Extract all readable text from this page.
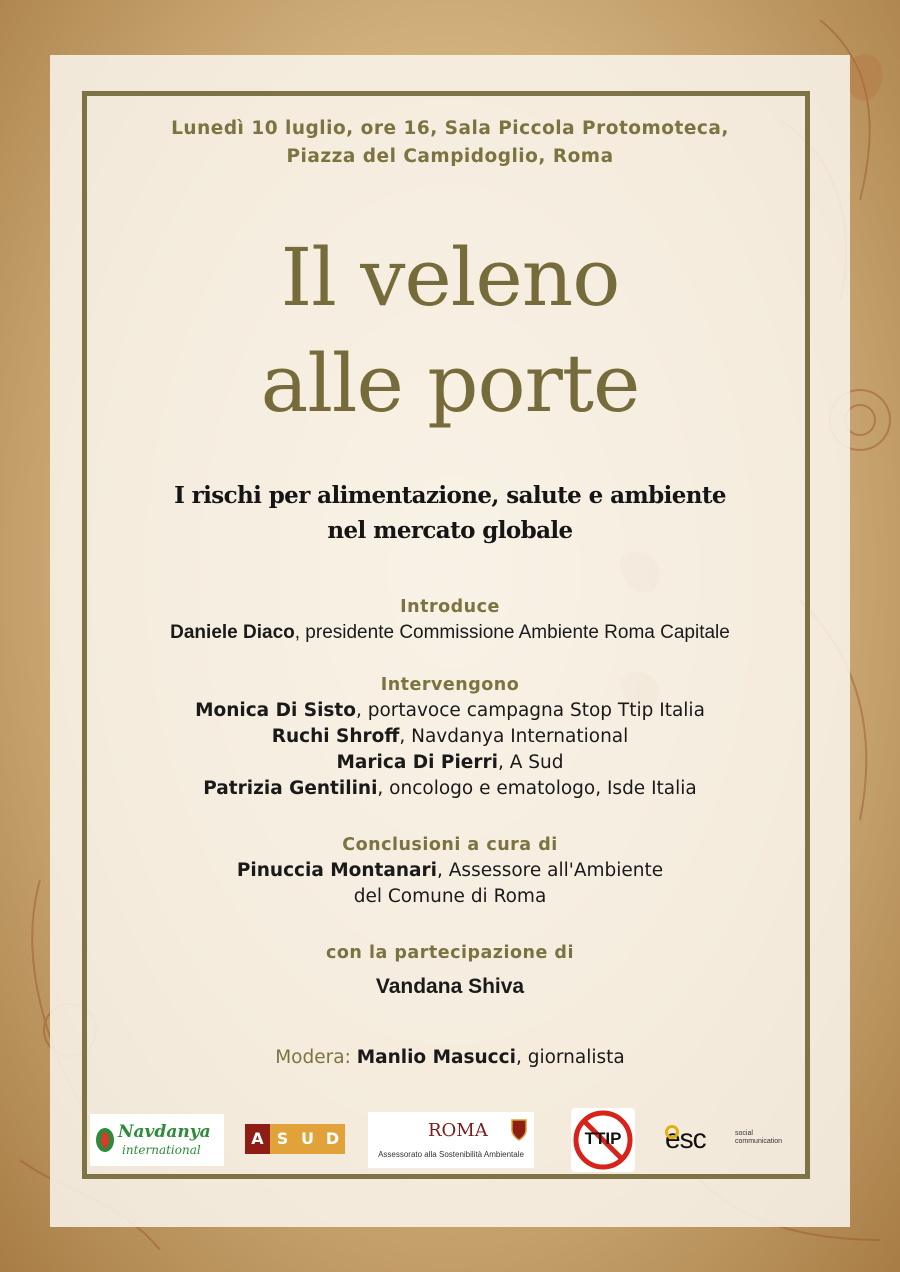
Lunedì 10 luglio, ore 16, Sala Piccola Protomoteca,
Piazza del Campidoglio, Roma
Il veleno
alle porte
I rischi per alimentazione, salute e ambiente
nel mercato globale
Introduce
Daniele Diaco, presidente Commissione Ambiente Roma Capitale
Intervengono
Monica Di Sisto, portavoce campagna Stop Ttip Italia
Ruchi Shroff, Navdanya International
Marica Di Pierri, A Sud
Patrizia Gentilini, oncologo e ematologo, Isde Italia
Conclusioni a cura di
Pinuccia Montanari, Assessore all'Ambiente
del Comune di Roma
con la partecipazione di
Vandana Shiva
Modera: Manlio Masucci, giornalista
Navdanya
international
A S U D	ROMA
Assessorato alla Sostenibilità Ambientale
TTIP	esc	social
communication
